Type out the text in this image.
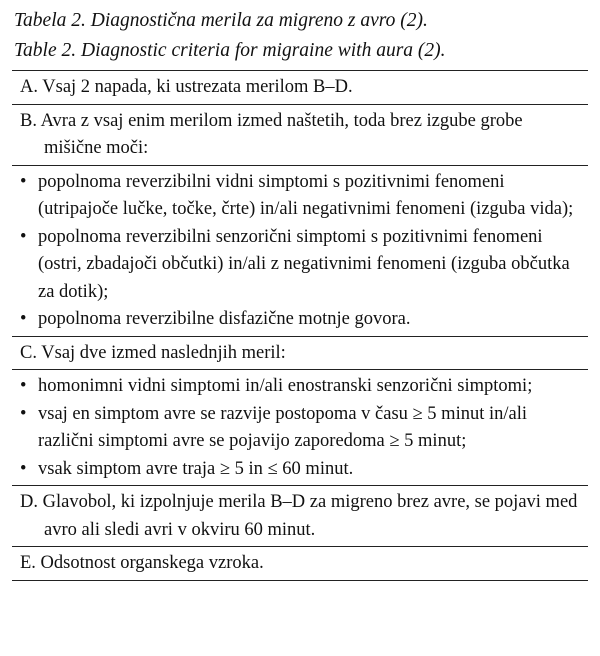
Tabela 2. Diagnostična merila za migreno z avro (2).

Table 2. Diagnostic criteria for migraine with aura (2).

A. Vsaj 2 napada, ki ustrezata merilom B–D.
B. Avra z vsaj enim merilom izmed naštetih, toda brez izgube grobe mišične moči:
• popolnoma reverzibilni vidni simptomi s pozitivnimi fenomeni (utripajoče lučke, točke, črte) in/ali negativnimi fenomeni (izguba vida);
• popolnoma reverzibilni senzorični simptomi s pozitivnimi fenomeni (ostri, zbadajoči občutki) in/ali z negativnimi fenomeni (izguba občutka za dotik);
• popolnoma reverzibilne disfazične motnje govora.
C. Vsaj dve izmed naslednjih meril:
• homonimni vidni simptomi in/ali enostranski senzorični simptomi;
• vsaj en simptom avre se razvije postopoma v času ≥ 5 minut in/ali različni simptomi avre se pojavijo zaporedoma ≥ 5 minut;
• vsak simptom avre traja ≥ 5 in ≤ 60 minut.
D. Glavobol, ki izpolnjuje merila B–D za migreno brez avre, se pojavi med avro ali sledi avri v okviru 60 minut.
E. Odsotnost organskega vzroka.
